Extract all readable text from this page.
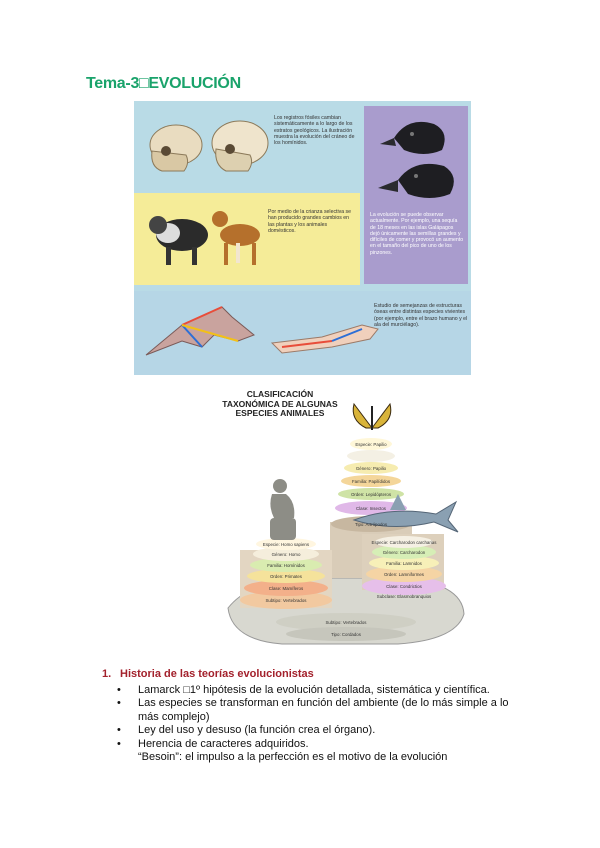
Tema-3□EVOLUCIÓN
Los registros fósiles cambian sistemáticamente a lo largo de los estratos geológicos. La ilustración muestra la evolución del cráneo de los homínidos.
La evolución se puede observar actualmente. Por ejemplo, una sequía de 18 meses en las islas Galápagos dejó únicamente las semillas grandes y difíciles de comer y provocó un aumento en el tamaño del pico de uno de los pinzones.
Por medio de la crianza selectiva se han producido grandes cambios en las plantas y los animales domésticos.
Estudio de semejanzas de estructuras óseas entre distintas especies vivientes (por ejemplo, entre el brazo humano y el ala del murciélago).
CLASIFICACIÓN TAXONÓMICA DE ALGUNAS ESPECIES ANIMALES
Especie: Papilio
Género: Papilio
Familia: Papilídidos
Orden: Lepidópteros
Clase: Insectos
Tipo: Artrópodos
Especie: Homo sapiens
Género: Homo
Familia: Homínidos
Orden: Primates
Clase: Mamíferos
Subtipo: Vertebrados
Especie: Carcharodon carcharias
Género: Carcharodon
Familia: Lamnidos
Orden: Lamniformes
Clase: Condrictios
Subclase: Elasmobranquios
Subtipo: Vertebrados
Tipo: Cordados
1. Historia de las teorías evolucionistas
• Lamarck □1º hipótesis de la evolución detallada, sistemática y científica.
• Las especies se transforman en función del ambiente (de lo más simple a lo más complejo)
• Ley del uso y desuso (la función crea el órgano).
• Herencia de caracteres adquiridos.
“Besoin”: el impulso a la perfección es el motivo de la evolución
